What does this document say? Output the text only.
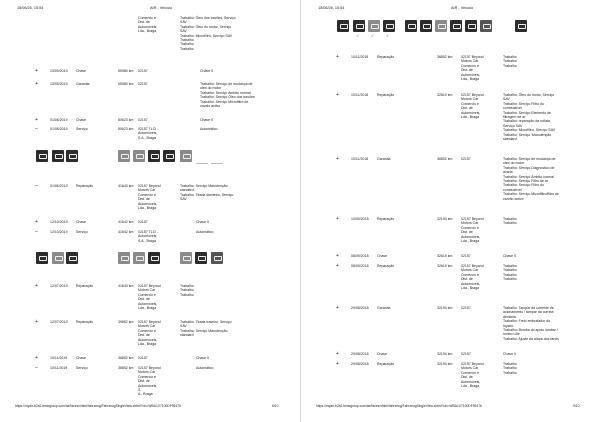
15/06/26, 15:54	AIR - Veículo
Comercio e
Dist. de
Automóveis,
Lda., Braga
Trabalho: Óleo dos travões, Serviço
SAV
Trabalho: Óleo do motor, Serviço
SAV
Trabalho: Microfiltro, Serviço SAV
Trabalho
Trabalho
Trabalho
+	13/09/2019 Chave	55980 km 02157	Chave 0
+	13/09/2019 Garantia	55980 km 02157	Trabalho: Serviço de mudança de
óleo do motor
Trabalho: Serviço Ambito normal
Trabalho: Serviço Óleo dos travões
Trabalho: Serviço Microfiltro de
cavalo activo
+	01/06/2019 Chave	50623 km 02157	Chave 0
–	01/06/2019 Serviço	50623 km 02157 TLCI -
Automóveis,
S.A., Braga
Automático
–	01/06/2019 Reparação	41643 km 02157 Beyond
Motors Car
Comercio e
Dist. de
Automóveis,
Lda., Braga
Trabalho: Serviço Manutenção
standard
Trabalho: Tirada dianteiro, Serviço
SAV
+	12/10/2019 Chave	41642 km 02157	Chave 0
–	12/10/2019 Serviço	41642 km 02157 TLCI -
Automóveis,
S.A., Braga
Automático
+	12/07/2019 Reparação	41643 km 02157 Beyond
Motors Car
Comercio e
Dist. de
Automóveis,
Lda., Braga
Trabalho
Trabalho
Trabalho
+	12/07/2019 Reparação	39852 km 02157 Beyond
Motors Car
Comercio e
Dist. de
Automóveis,
Lda., Braga
Trabalho: Tirada traseiro, Serviço
SAV
Trabalho: Serviço Manutenção
standard
+	10/11/2019 Chave	36852 km 02157	Chave 0
–	10/11/2019 Serviço	36852 km 02157 Beyond
Motors Car
Comercio e
Dist. de
Automóveis,
S.
A., Braga
Automático
https://myair-b2b2.bmwgroup.com/air/faces/xhtml/fahrzeug/FahrzeugSingleView.xhtml?vin=WBA1V7100DF99476	8/10
15/06/26, 15:54	AIR - Veículo
✓	✓	✓
+	10/11/2018 Reparação	36852 km 02157 Beyond
Motors Car
Comercio e
Dist. de
Automóveis,
Lda., Braga
Trabalho
Trabalho
Trabalho
+	10/11/2018 Reparação	32819 km 02157 Beyond
Motors Car
Comercio e
Dist. de
Automóveis,
Lda., Braga
Trabalho: Óleo do motor, Serviço
SAV
Trabalho: Serviço Filtro do
combustível
Trabalho: Serviço Elemento de
filtragem de ar
Trabalho: reparação da ruflata,
Serviço SAV
Trabalho: Microfiltro, Serviço SAV
Trabalho: Serviço 'Manutenção
standard'
+	10/11/2018 Garantia	36852 km 02157	Trabalho: Serviço de mudança de
óleo do motor
Trabalho: Serviço Diagnóstico de
avaria
Trabalho: Serviço Âmbito normal
Trabalho: Serviço Filtro de ar
Trabalho: Serviço Filtro do
combustível
Trabalho: Serviço Microfiltro/filtro de
carvão activo
+	10/09/2018 Reparação	32194 km 02157 Beyond
Motors Car
Comercio e
Dist. de
Automóveis,
Lda., Braga
Trabalho
Trabalho
+	08/09/2018 Chave	32619 km 02157	Chave 0
+	08/09/2018 Reparação	32619 km 02157 Beyond
Motors Car
Comercio e
Dist. de
Automóveis,
Lda., Braga
Trabalho
Trabalho
Trabalho
Trabalho
+	29/08/2018 Garantia	32194 km 02157	Trabalho: Tampar da corrente de
acionamento / tampar da correia
dentada
Trabalho: Freio embraiador do
líquido
Trabalho: Bomba do apoio lombar /
lombo Lille
Trabalho: Ajuste da altura dos faróis
+	29/08/2018 Chave	32194 km 02157	Chave 0
+	29/08/2018 Reparação	32194 km 02157 Beyond
Motors Car
Comercio e
Dist. de
Automóveis,
Lda., Braga
Trabalho
Trabalho
Trabalho
https://myair-b2b2.bmwgroup.com/air/faces/xhtml/fahrzeug/FahrzeugSingleView.xhtml?vin=WBA1V7100DF99476	9/10
